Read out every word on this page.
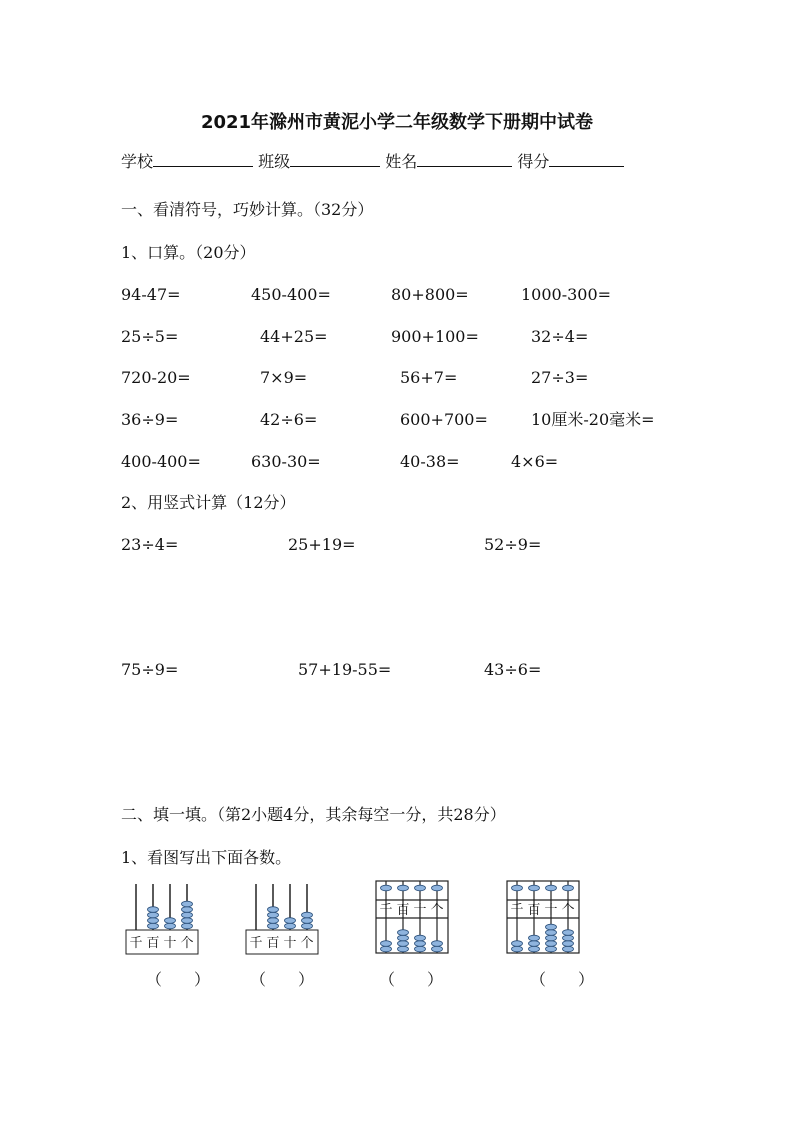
2021年滁州市黄泥小学二年级数学下册期中试卷
学校	班级	姓名	得分
一、看清符号，巧妙计算。（32分）
1、口算。（20分）
94-47=	450-400=	80+800=	1000-300=
25÷5=	44+25=	900+100=	32÷4=
720-20=	7×9=	56+7=	27÷3=
36÷9=	42÷6=	600+700=	10厘米-20毫米=
400-400=	630-30=	40-38=	4×6=
2、用竖式计算（12分）
23÷4=	25+19=	52÷9=
75÷9=	57+19-55=	43÷6=
二、填一填。（第2小题4分，其余每空一分，共28分）
1、看图写出下面各数。
千 百 十 个	千 百 十 个
千 百 十 个	千 百 十 个
（　　） （　　）	（　　）	（　　）
